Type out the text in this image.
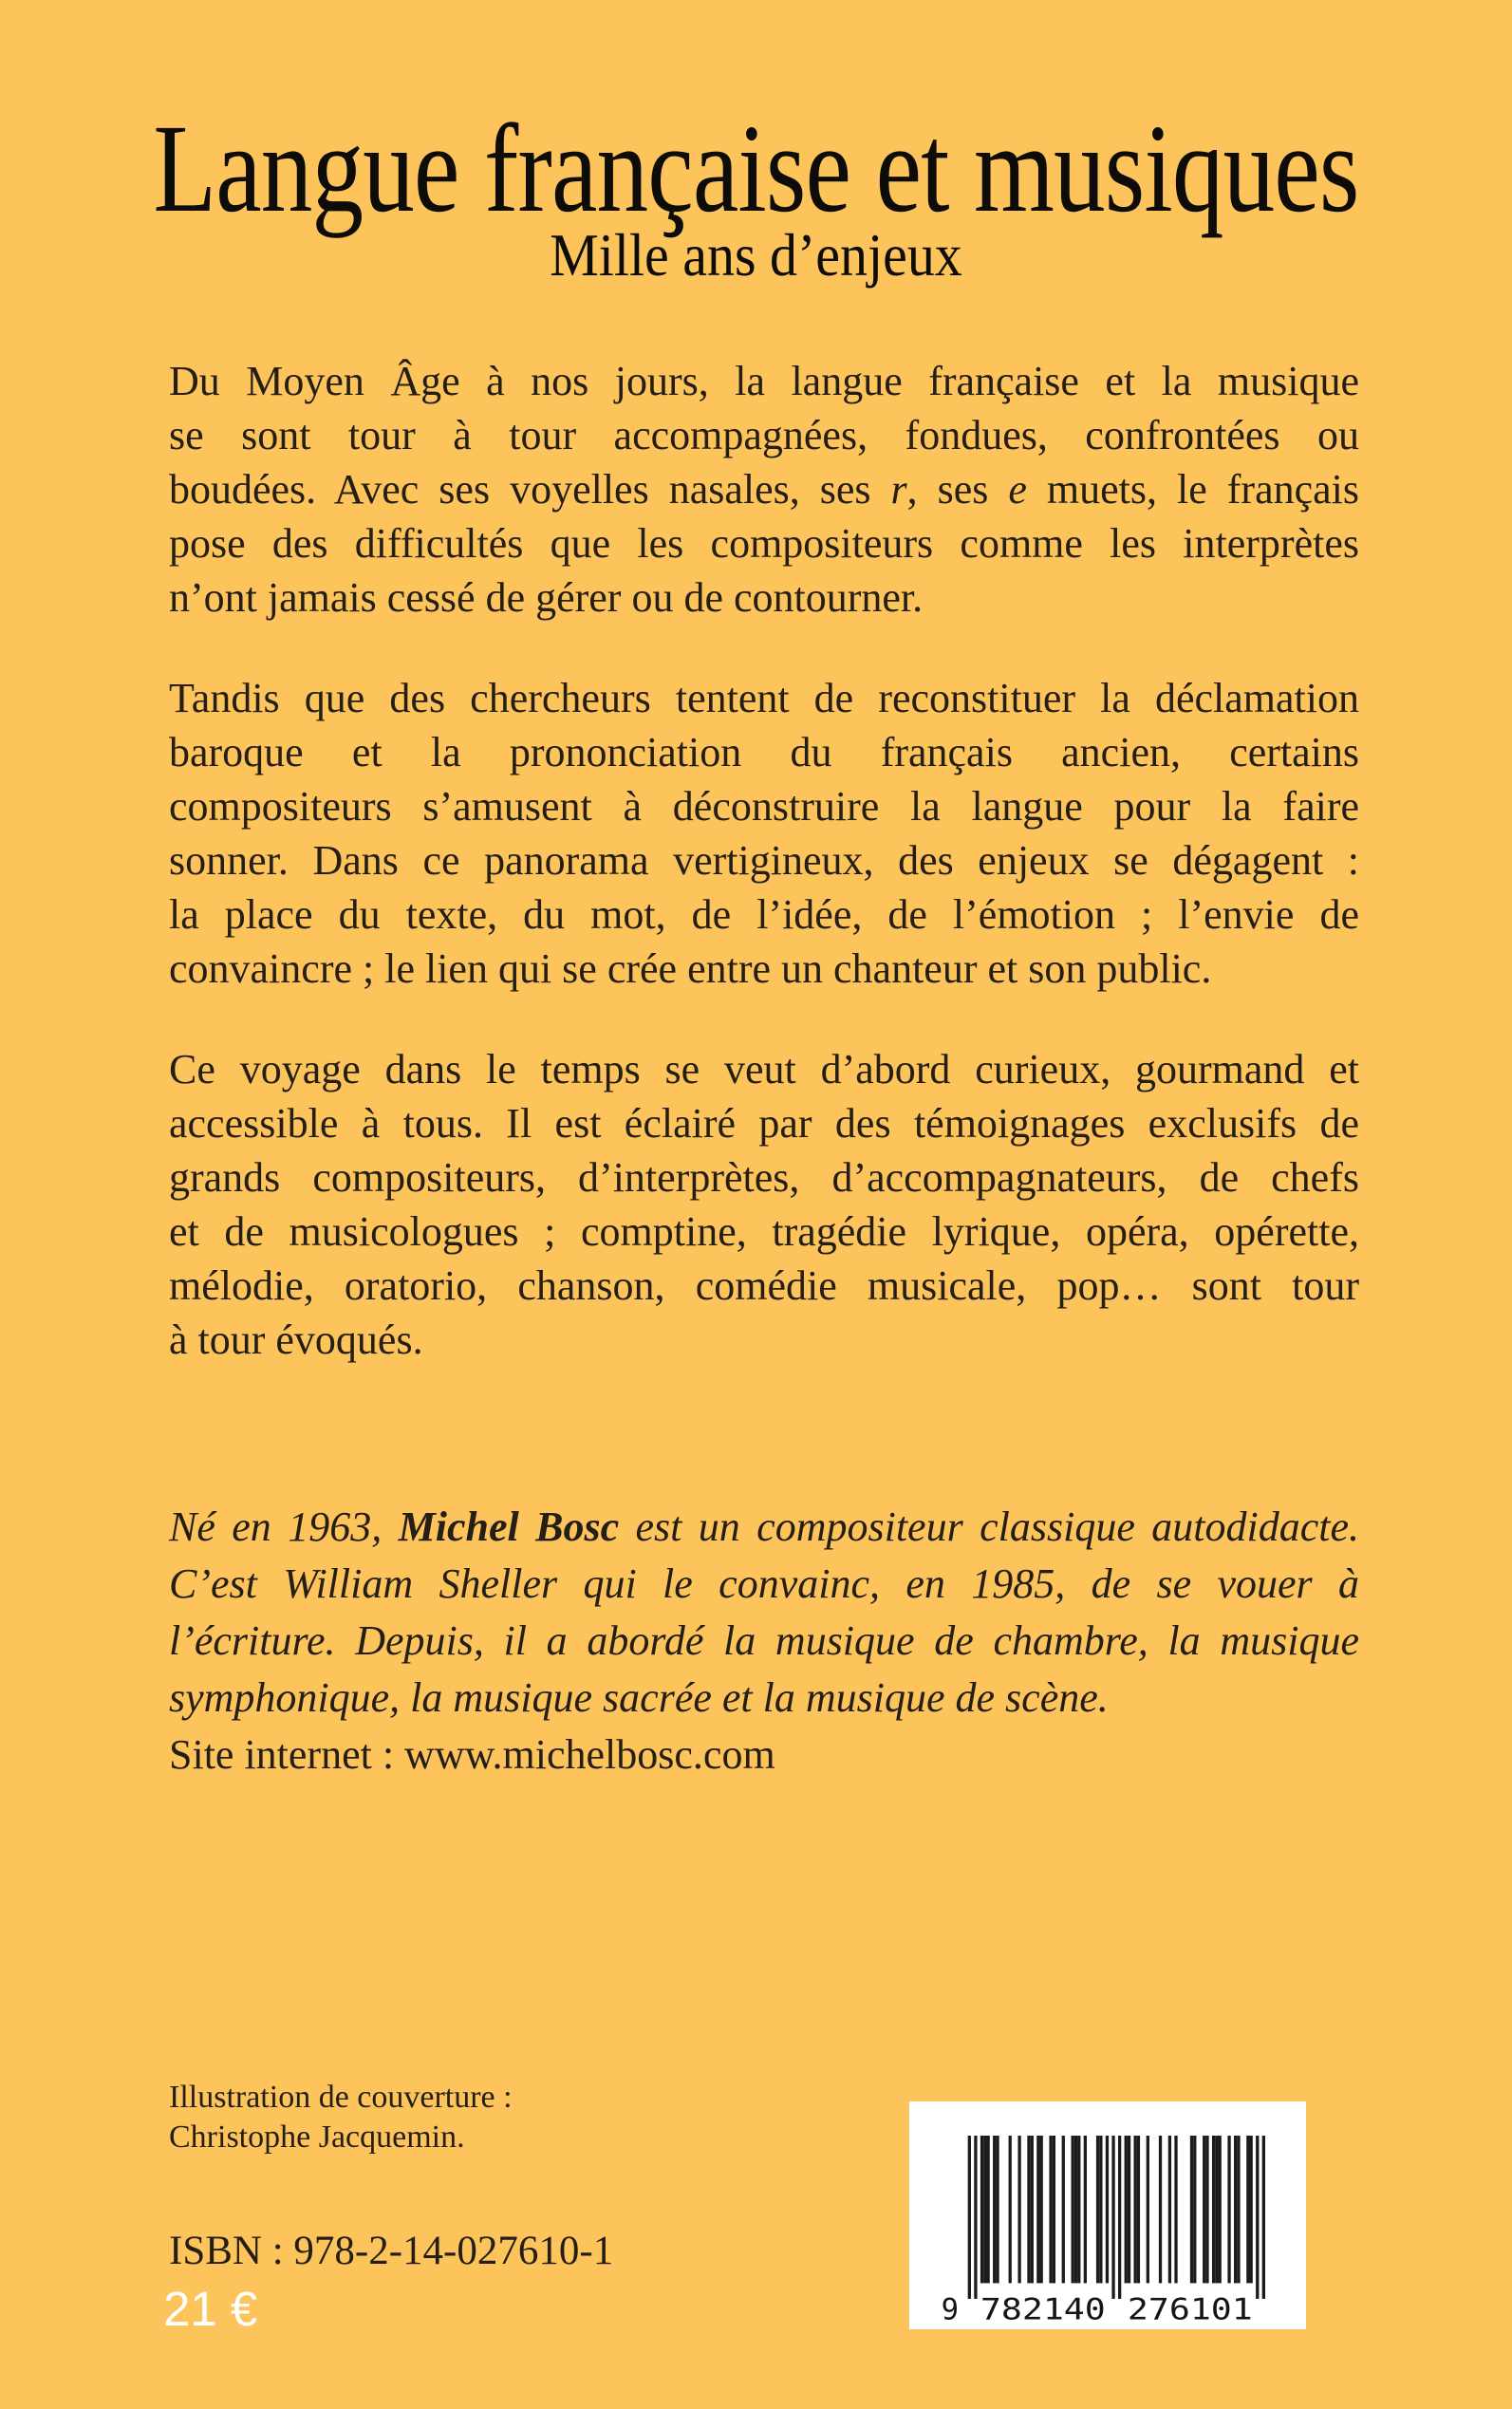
Langue française et musiques
Mille ans d’enjeux
Du Moyen Âge à nos jours, la langue française et la musique
se sont tour à tour accompagnées, fondues, confrontées ou
boudées. Avec ses voyelles nasales, ses r, ses e muets, le français
pose des difficultés que les compositeurs comme les interprètes
n’ont jamais cessé de gérer ou de contourner.
Tandis que des chercheurs tentent de reconstituer la déclamation
baroque et la prononciation du français ancien, certains
compositeurs s’amusent à déconstruire la langue pour la faire
sonner. Dans ce panorama vertigineux, des enjeux se dégagent :
la place du texte, du mot, de l’idée, de l’émotion ; l’envie de
convaincre ; le lien qui se crée entre un chanteur et son public.
Ce voyage dans le temps se veut d’abord curieux, gourmand et
accessible à tous. Il est éclairé par des témoignages exclusifs de
grands compositeurs, d’interprètes, d’accompagnateurs, de chefs
et de musicologues ; comptine, tragédie lyrique, opéra, opérette,
mélodie, oratorio, chanson, comédie musicale, pop… sont tour
à tour évoqués.
Né en 1963, Michel Bosc est un compositeur classique autodidacte.
C’est William Sheller qui le convainc, en 1985, de se vouer à
l’écriture. Depuis, il a abordé la musique de chambre, la musique
symphonique, la musique sacrée et la musique de scène.
Site internet : www.michelbosc.com
Illustration de couverture :
Christophe Jacquemin.
ISBN : 978-2-14-027610-1
21 €	9 782140 276101
